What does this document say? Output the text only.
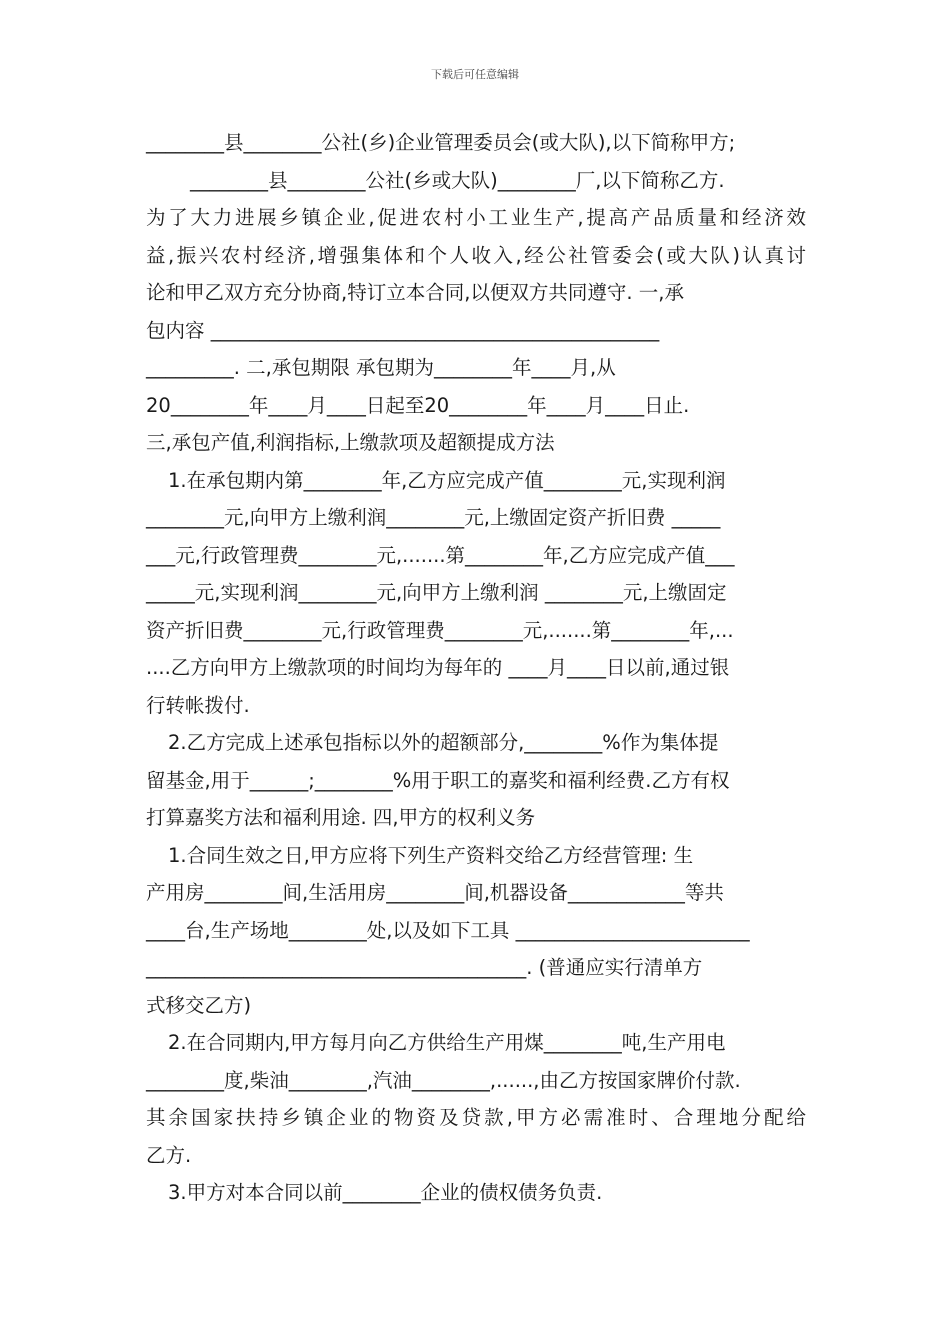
下载后可任意编辑
________县________公社(乡)企业管理委员会(或大队),以下简称甲方;
________县________公社(乡或大队)________厂,以下简称乙方.
为了大力进展乡镇企业,促进农村小工业生产,提高产品质量和经济效
益,振兴农村经济,增强集体和个人收入,经公社管委会(或大队)认真讨
论和甲乙双方充分协商,特订立本合同,以便双方共同遵守. 一,承
包内容 ______________________________________________
_________. 二,承包期限 承包期为________年____月,从
20________年____月____日起至20________年____月____日止.
三,承包产值,利润指标,上缴款项及超额提成方法
1.在承包期内第________年,乙方应完成产值________元,实现利润
________元,向甲方上缴利润________元,上缴固定资产折旧费 _____
___元,行政管理费________元,.......第________年,乙方应完成产值___
_____元,实现利润________元,向甲方上缴利润 ________元,上缴固定
资产折旧费________元,行政管理费________元,.......第________年,...
....乙方向甲方上缴款项的时间均为每年的 ____月____日以前,通过银
行转帐拨付.
2.乙方完成上述承包指标以外的超额部分,________%作为集体提
留基金,用于______;________%用于职工的嘉奖和福利经费.乙方有权
打算嘉奖方法和福利用途. 四,甲方的权利义务
1.合同生效之日,甲方应将下列生产资料交给乙方经营管理: 生
产用房________间,生活用房________间,机器设备____________等共
____台,生产场地________处,以及如下工具 ________________________
_______________________________________. (普通应实行清单方
式移交乙方)
2.在合同期内,甲方每月向乙方供给生产用煤________吨,生产用电
________度,柴油________,汽油________,......,由乙方按国家牌价付款.
其余国家扶持乡镇企业的物资及贷款,甲方必需准时、合理地分配给
乙方.
3.甲方对本合同以前________企业的债权债务负责.
